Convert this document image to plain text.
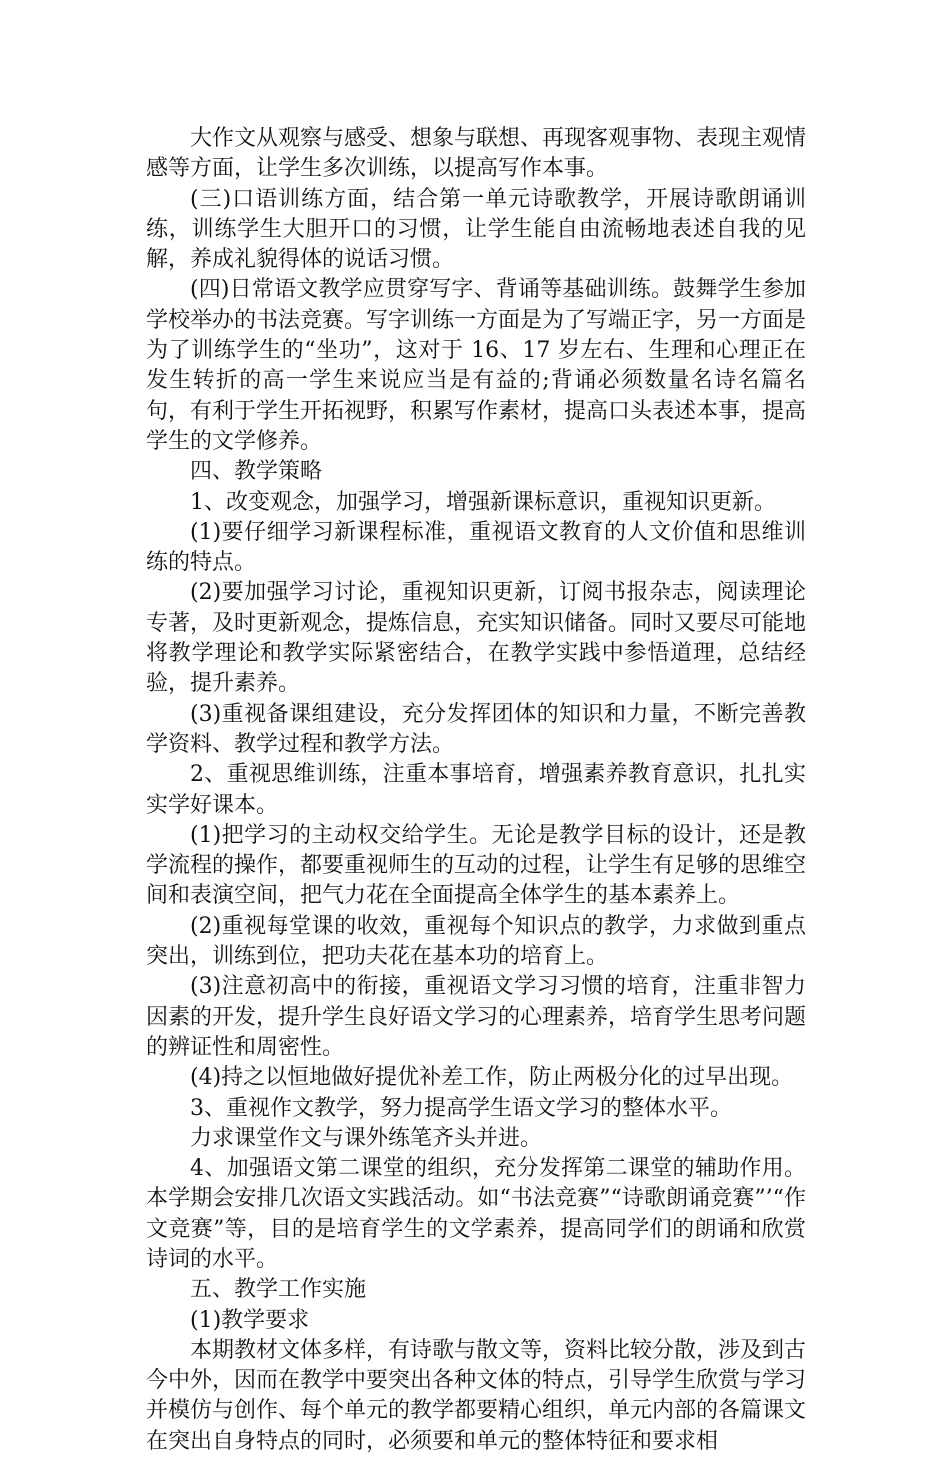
大作文从观察与感受、想象与联想、再现客观事物、表现主观情感等方面，让学生多次训练，以提高写作本事。

(三)口语训练方面，结合第一单元诗歌教学，开展诗歌朗诵训练，训练学生大胆开口的习惯，让学生能自由流畅地表述自我的见解，养成礼貌得体的说话习惯。

(四)日常语文教学应贯穿写字、背诵等基础训练。鼓舞学生参加学校举办的书法竞赛。写字训练一方面是为了写端正字，另一方面是为了训练学生的“坐功”，这对于 16、17 岁左右、生理和心理正在发生转折的高一学生来说应当是有益的;背诵必须数量名诗名篇名句，有利于学生开拓视野，积累写作素材，提高口头表述本事，提高学生的文学修养。

四、教学策略

1、改变观念，加强学习，增强新课标意识，重视知识更新。

(1)要仔细学习新课程标准，重视语文教育的人文价值和思维训练的特点。

(2)要加强学习讨论，重视知识更新，订阅书报杂志，阅读理论专著，及时更新观念，提炼信息，充实知识储备。同时又要尽可能地将教学理论和教学实际紧密结合，在教学实践中参悟道理，总结经验，提升素养。

(3)重视备课组建设，充分发挥团体的知识和力量，不断完善教学资料、教学过程和教学方法。

2、重视思维训练，注重本事培育，增强素养教育意识，扎扎实实学好课本。

(1)把学习的主动权交给学生。无论是教学目标的设计，还是教学流程的操作，都要重视师生的互动的过程，让学生有足够的思维空间和表演空间，把气力花在全面提高全体学生的基本素养上。

(2)重视每堂课的收效，重视每个知识点的教学，力求做到重点突出，训练到位，把功夫花在基本功的培育上。

(3)注意初高中的衔接，重视语文学习习惯的培育，注重非智力因素的开发，提升学生良好语文学习的心理素养，培育学生思考问题的辨证性和周密性。

(4)持之以恒地做好提优补差工作，防止两极分化的过早出现。

3、重视作文教学，努力提高学生语文学习的整体水平。

力求课堂作文与课外练笔齐头并进。

4、加强语文第二课堂的组织，充分发挥第二课堂的辅助作用。本学期会安排几次语文实践活动。如“书法竞赛”“诗歌朗诵竞赛”’“作文竞赛”等，目的是培育学生的文学素养，提高同学们的朗诵和欣赏诗词的水平。

五、教学工作实施

(1)教学要求

本期教材文体多样，有诗歌与散文等，资料比较分散，涉及到古今中外，因而在教学中要突出各种文体的特点，引导学生欣赏与学习并模仿与创作、每个单元的教学都要精心组织，单元内部的各篇课文在突出自身特点的同时，必须要和单元的整体特征和要求相
